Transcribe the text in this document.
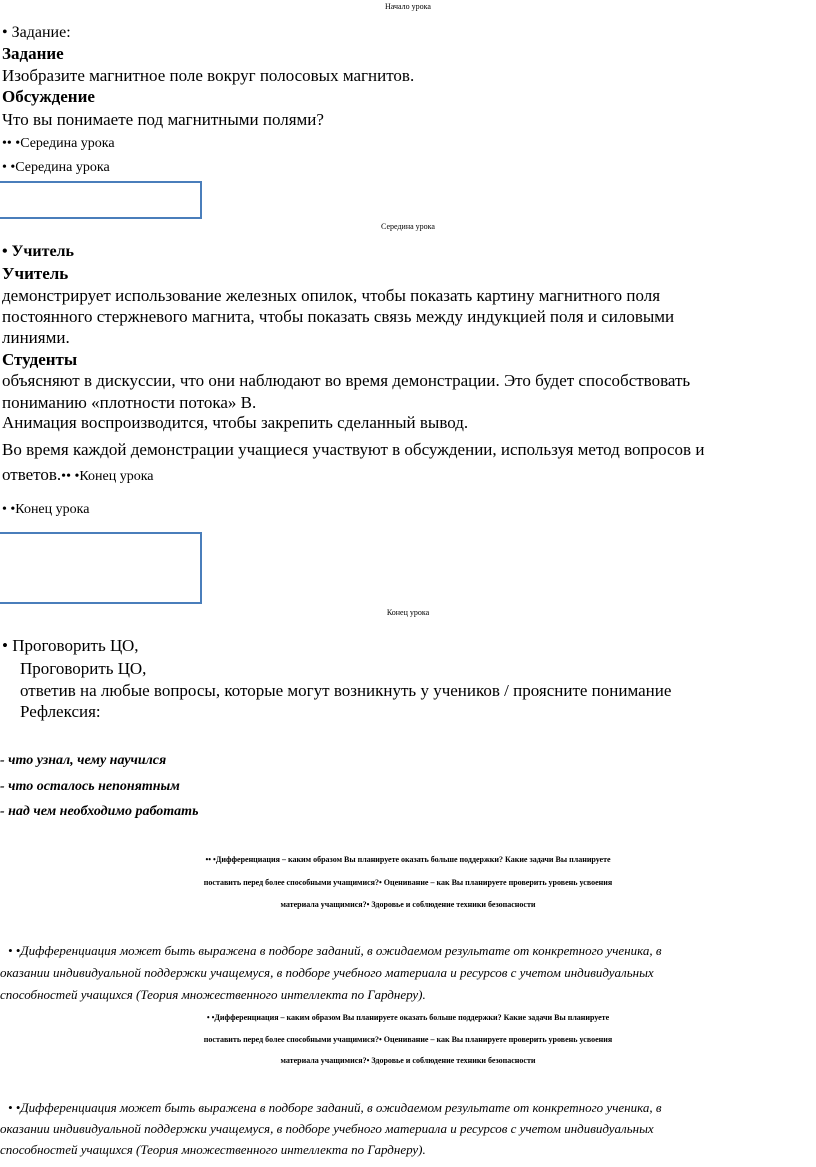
Начало урока
• Задание:
Задание
Изобразите магнитное поле вокруг полосовых магнитов.
Обсуждение
Что вы понимаете под магнитными полями?
•• •Середина урока
• •Середина урока
Середина урока
• Учитель
Учитель
демонстрирует использование железных опилок, чтобы показать картину магнитного поля
постоянного стержневого магнита, чтобы показать связь между индукцией поля и силовыми
линиями.
Студенты
объясняют в дискуссии, что они наблюдают во время демонстрации. Это будет способствовать
пониманию «плотности потока» В.
Анимация воспроизводится, чтобы закрепить сделанный вывод.
Во время каждой демонстрации учащиеся участвуют в обсуждении, используя метод вопросов и
ответов.•• •Конец урока
• •Конец урока
Конец урока
• Проговорить ЦО,
Проговорить ЦО,
ответив на любые вопросы, которые могут возникнуть у учеников / проясните понимание
Рефлексия:
- что узнал, чему научился
- что осталось непонятным
- над чем необходимо работать
•• •Дифференциация – каким образом Вы планируете оказать больше поддержки? Какие задачи Вы планируете
поставить перед более способными учащимися?• Оценивание – как Вы планируете проверить уровень усвоения
материала учащимися?• Здоровье и соблюдение техники безопасности
• •Дифференциация может быть выражена в подборе заданий, в ожидаемом результате от конкретного ученика, в
оказании индивидуальной поддержки учащемуся, в подборе учебного материала и ресурсов с учетом индивидуальных
способностей учащихся (Теория множественного интеллекта по Гарднеру).
• •Дифференциация – каким образом Вы планируете оказать больше поддержки? Какие задачи Вы планируете
поставить перед более способными учащимися?• Оценивание – как Вы планируете проверить уровень усвоения
материала учащимися?• Здоровье и соблюдение техники безопасности
• •Дифференциация может быть выражена в подборе заданий, в ожидаемом результате от конкретного ученика, в
оказании индивидуальной поддержки учащемуся, в подборе учебного материала и ресурсов с учетом индивидуальных
способностей учащихся (Теория множественного интеллекта по Гарднеру).
